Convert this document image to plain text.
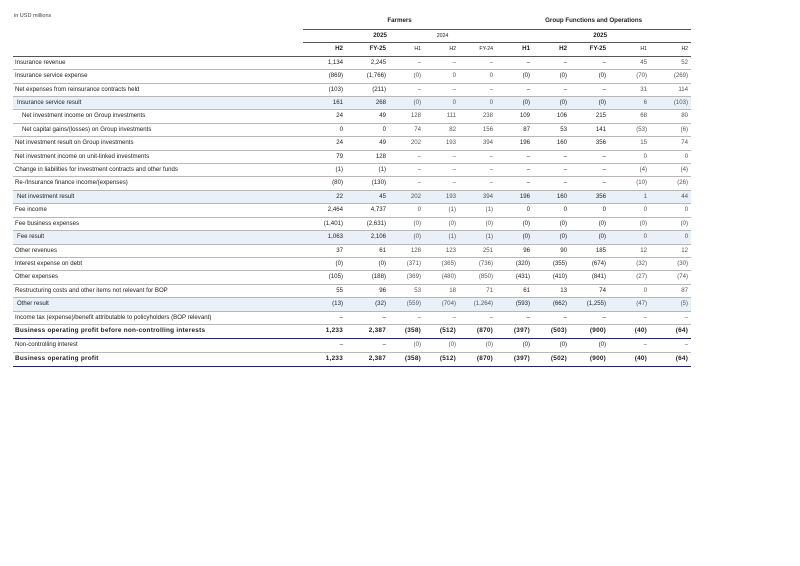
in USD millions
	Farmers					Group Functions and Operations				
	2025		2024			2025				
	H2	FY-25	H1	H2	FY-24	H1	H2	FY-25	H1	H2
Insurance revenue	1,134	2,245	–	–	–	–	–	–	45	52
Insurance service expense	(869)	(1,766)	(0)	0	0	(0)	(0)	(0)	(70)	(269)
Net expenses from reinsurance contracts held	(103)	(211)	–	–	–	–	–	–	31	114
Insurance service result	161	268	(0)	0	0	(0)	(0)	(0)	6	(103)
Net investment income on Group investments	24	49	128	111	238	109	106	215	68	80
Net capital gains/(losses) on Group investments	0	0	74	82	156	87	53	141	(53)	(6)
Net investment result on Group investments	24	49	202	193	394	196	160	356	15	74
Net investment income on unit-linked investments	79	128	–	–	–	–	–	–	0	0
Change in liabilities for investment contracts and other funds	(1)	(1)	–	–	–	–	–	–	(4)	(4)
Re-/Insurance finance income/(expenses)	(80)	(130)	–	–	–	–	–	–	(10)	(26)
Net investment result	22	45	202	193	394	196	160	356	1	44
Fee income	2,464	4,737	0	(1)	(1)	0	0	0	0	0
Fee business expenses	(1,401)	(2,631)	(0)	(0)	(0)	(0)	(0)	(0)	(0)	(0)
Fee result	1,063	2,106	(0)	(1)	(1)	(0)	(0)	(0)	0	0
Other revenues	37	61	128	123	251	96	90	185	12	12
Interest expense on debt	(0)	(0)	(371)	(365)	(736)	(320)	(355)	(674)	(32)	(30)
Other expenses	(105)	(188)	(369)	(480)	(850)	(431)	(410)	(841)	(27)	(74)
Restructuring costs and other items not relevant for BOP	55	96	53	18	71	61	13	74	0	87
Other result	(13)	(32)	(559)	(704)	(1,264)	(593)	(662)	(1,255)	(47)	(5)
Income tax (expense)/benefit attributable to policyholders (BOP relevant)	–	–	–	–	–	–	–	–	–	–
Business operating profit before non-controlling interests	1,233	2,387	(358)	(512)	(870)	(397)	(503)	(900)	(40)	(64)
Non-controlling interest	–	–	(0)	(0)	(0)	(0)	(0)	(0)	–	–
Business operating profit	1,233	2,387	(358)	(512)	(870)	(397)	(502)	(900)	(40)	(64)
